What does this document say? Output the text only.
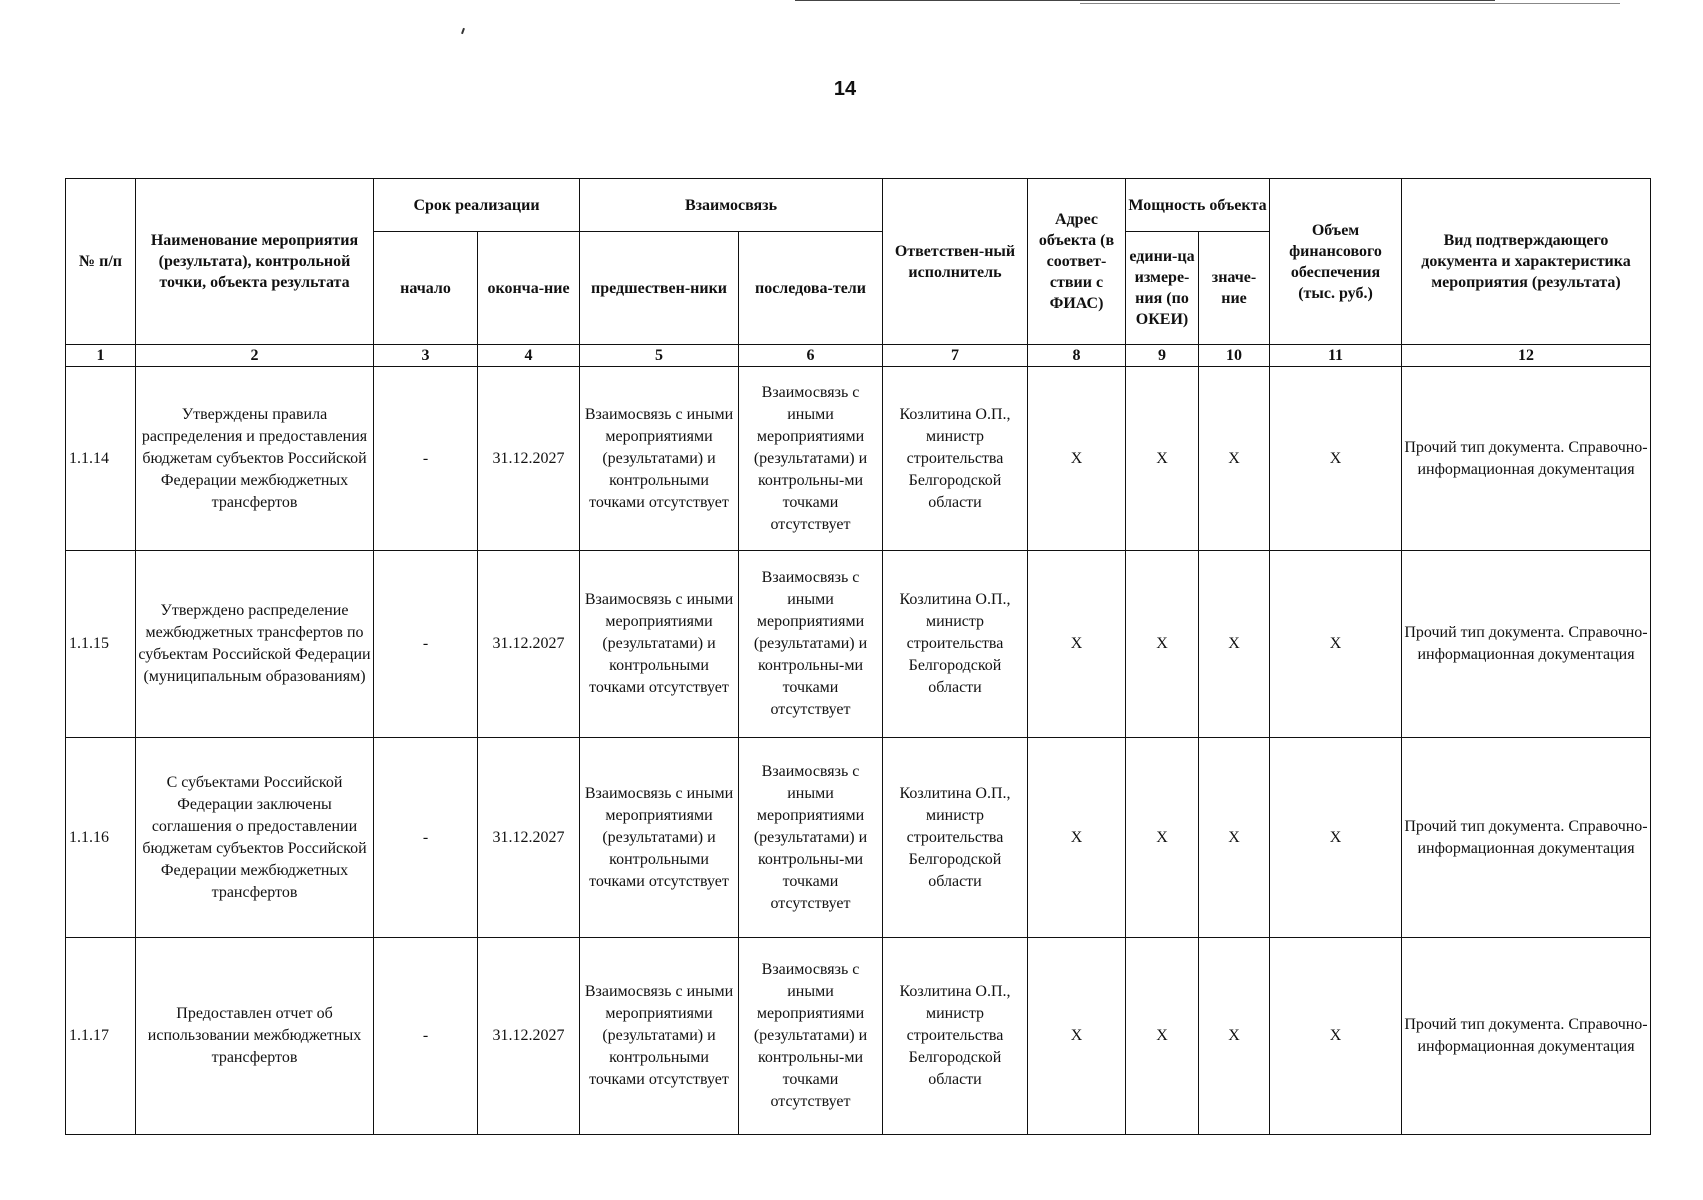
14
№ п/п	Наименование мероприятия (результата), контрольной точки, объекта результата	Срок реализации		Взаимосвязь		Ответствен-ный исполнитель	Адрес объекта (в соответ-ствии с ФИАС)	Мощность объекта		Объем финансового обеспечения (тыс. руб.)	Вид подтверждающего документа и характеристика мероприятия (результата)
		начало	оконча-ние	предшествен-ники	последова-тели			едини-ца измере-ния (по ОКЕИ)	значе-ние		
1	2	3	4	5	6	7	8	9	10	11	12
1.1.14	Утверждены правила распределения и предоставления бюджетам субъектов Российской Федерации межбюджетных трансфертов	-	31.12.2027	Взаимосвязь с иными мероприятиями (результатами) и контрольными точками отсутствует	Взаимосвязь с иными мероприятиями (результатами) и контрольны-ми точками отсутствует	Козлитина О.П., министр строительства Белгородской области	X	X	X	X	Прочий тип документа. Справочно-информационная документация
1.1.15	Утверждено распределение межбюджетных трансфертов по субъектам Российской Федерации (муниципальным образованиям)	-	31.12.2027	Взаимосвязь с иными мероприятиями (результатами) и контрольными точками отсутствует	Взаимосвязь с иными мероприятиями (результатами) и контрольны-ми точками отсутствует	Козлитина О.П., министр строительства Белгородской области	X	X	X	X	Прочий тип документа. Справочно-информационная документация
1.1.16	С субъектами Российской Федерации заключены соглашения о предоставлении бюджетам субъектов Российской Федерации межбюджетных трансфертов	-	31.12.2027	Взаимосвязь с иными мероприятиями (результатами) и контрольными точками отсутствует	Взаимосвязь с иными мероприятиями (результатами) и контрольны-ми точками отсутствует	Козлитина О.П., министр строительства Белгородской области	X	X	X	X	Прочий тип документа. Справочно-информационная документация
1.1.17	Предоставлен отчет об использовании межбюджетных трансфертов	-	31.12.2027	Взаимосвязь с иными мероприятиями (результатами) и контрольными точками отсутствует	Взаимосвязь с иными мероприятиями (результатами) и контрольны-ми точками отсутствует	Козлитина О.П., министр строительства Белгородской области	X	X	X	X	Прочий тип документа. Справочно-информационная документация
